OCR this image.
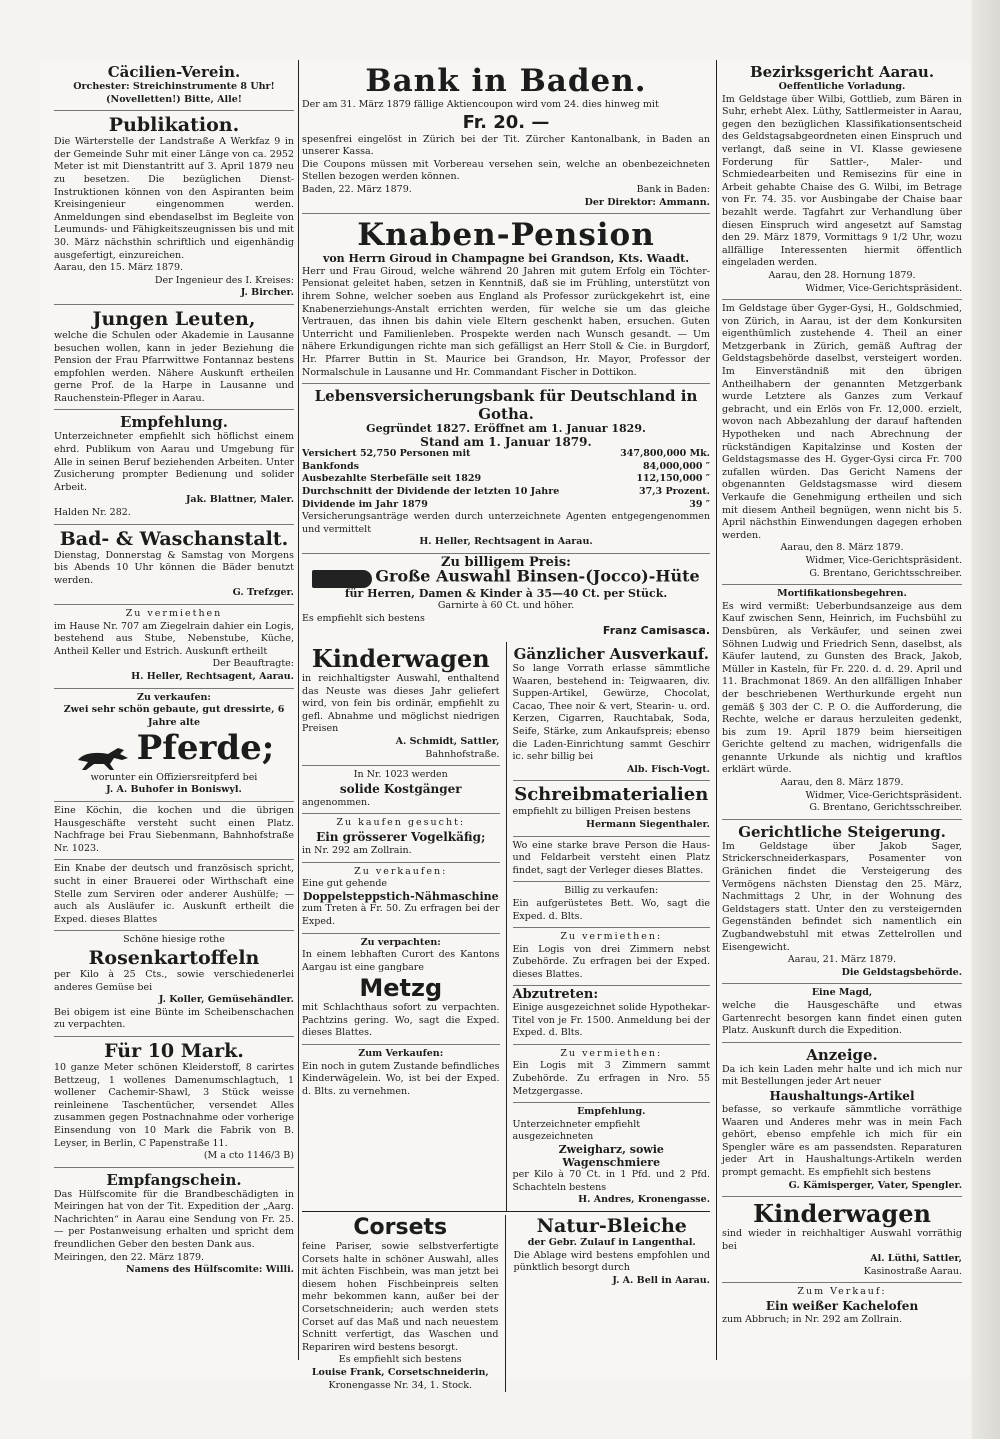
Cäcilien-Verein.
Orchester: Streichinstrumente 8 Uhr!
(Novelletten!) Bitte, Alle!
Publikation.

Die Wärterstelle der Landstraße A Werkfaz 9 in der Gemeinde Suhr mit einer Länge von ca. 2952 Meter ist mit Dienstantritt auf 3. April 1879 neu zu besetzen. Die bezüglichen Dienst-Instruktionen können von den Aspiranten beim Kreisingenieur eingenommen werden. Anmeldungen sind ebendaselbst im Begleite von Leumunds- und Fähigkeitszeugnissen bis und mit 30. März nächsthin schriftlich und eigenhändig ausgefertigt, einzureichen.

Aarau, den 15. März 1879.
Der Ingenieur des I. Kreises:
J. Bircher.
Jungen Leuten,

welche die Schulen oder Akademie in Lausanne besuchen wollen, kann in jeder Beziehung die Pension der Frau Pfarrwittwe Fontannaz bestens empfohlen werden. Nähere Auskunft ertheilen gerne Prof. de la Harpe in Lausanne und Rauchenstein-Pfleger in Aarau.

Empfehlung.

Unterzeichneter empfiehlt sich höflichst einem ehrd. Publikum von Aarau und Umgebung für Alle in seinen Beruf beziehenden Arbeiten. Unter Zusicherung prompter Bedienung und solider Arbeit.

Jak. Blattner, Maler.
Halden Nr. 282.
Bad- & Waschanstalt.

Dienstag, Donnerstag & Samstag von Morgens bis Abends 10 Uhr können die Bäder benutzt werden.

G. Trefzger.
Zu vermiethen

im Hause Nr. 707 am Ziegelrain dahier ein Logis, bestehend aus Stube, Nebenstube, Küche, Antheil Keller und Estrich. Auskunft ertheilt

Der Beauftragte:
H. Heller, Rechtsagent, Aarau.
Zu verkaufen:
Zwei sehr schön gebaute, gut dressirte, 6 Jahre alte
Pferde;
worunter ein Offiziersreitpferd bei
J. A. Buhofer in Boniswyl.

Eine Köchin, die kochen und die übrigen Hausgeschäfte versteht sucht einen Platz. Nachfrage bei Frau Siebenmann, Bahnhofstraße Nr. 1023.

Ein Knabe der deutsch und französisch spricht, sucht in einer Brauerei oder Wirthschaft eine Stelle zum Serviren oder anderer Aushülfe; — auch als Ausläufer ic. Auskunft ertheilt die Exped. dieses Blattes

Schöne hiesige rothe
Rosenkartoffeln

per Kilo à 25 Cts., sowie verschiedenerlei anderes Gemüse bei

J. Koller, Gemüsehändler.

Bei obigem ist eine Bünte im Scheibenschachen zu verpachten.

Für 10 Mark.

10 ganze Meter schönen Kleiderstoff, 8 carirtes Bettzeug, 1 wollenes Damenumschlagtuch, 1 wollener Cachemir-Shawl, 3 Stück weisse reinleinene Taschentücher, versendet Alles zusammen gegen Postnachnahme oder vorherige Einsendung von 10 Mark die Fabrik von B. Leyser, in Berlin, C Papenstraße 11.

(M a cto 1146/3 B)
Empfangschein.

Das Hülfscomite für die Brandbeschädigten in Meiringen hat von der Tit. Expedition der „Aarg. Nachrichten“ in Aarau eine Sendung von Fr. 25. — per Postanweisung erhalten und spricht dem freundlichen Geber den besten Dank aus.

Meiringen, den 22. März 1879.
Namens des Hülfscomite: Willi.
Bank in Baden.

Der am 31. März 1879 fällige Aktiencoupon wird vom 24. dies hinweg mit

Fr. 20. —

spesenfrei eingelöst in Zürich bei der Tit. Zürcher Kantonalbank, in Baden an unserer Kassa.

Die Coupons müssen mit Vorbereau versehen sein, welche an obenbezeichneten Stellen bezogen werden können.

Baden, 22. März 1879.	Bank in Baden:
Der Direktor: Ammann.
Knaben-Pension
von Herrn Giroud in Champagne bei Grandson, Kts. Waadt.

Herr und Frau Giroud, welche während 20 Jahren mit gutem Erfolg ein Töchter-Pensionat geleitet haben, setzen in Kenntniß, daß sie im Frühling, unterstützt von ihrem Sohne, welcher soeben aus England als Professor zurückgekehrt ist, eine Knabenerziehungs-Anstalt errichten werden, für welche sie um das gleiche Vertrauen, das ihnen bis dahin viele Eltern geschenkt haben, ersuchen. Guten Unterricht und Familienleben. Prospekte werden nach Wunsch gesandt. — Um nähere Erkundigungen richte man sich gefälligst an Herr Stoll & Cie. in Burgdorf, Hr. Pfarrer Buttin in St. Maurice bei Grandson, Hr. Mayor, Professor der Normalschule in Lausanne und Hr. Commandant Fischer in Dottikon.

Lebensversicherungsbank für Deutschland in Gotha.
Gegründet 1827. Eröffnet am 1. Januar 1829.
Stand am 1. Januar 1879.
Versichert 52,750 Personen mit	347,800,000 Mk.
Bankfonds	84,000,000 ″
Ausbezahlte Sterbefälle seit 1829	112,150,000 ″
Durchschnitt der Dividende der letzten 10 Jahre	37,3 Prozent.
Dividende im Jahr 1879	39 ″

Versicherungsanträge werden durch unterzeichnete Agenten entgegengenommen und vermittelt

H. Heller, Rechtsagent in Aarau.
Zu billigem Preis:
Große Auswahl Binsen-(Jocco)-Hüte
für Herren, Damen & Kinder à 35—40 Ct. per Stück.
Garnirte à 60 Ct. und höher.
Es empfiehlt sich bestens
Franz Camisasca.
Kinderwagen

in reichhaltigster Auswahl, enthaltend das Neuste was dieses Jahr geliefert wird, von fein bis ordinär, empfiehlt zu gefl. Abnahme und möglichst niedrigen Preisen

A. Schmidt, Sattler,
Bahnhofstraße.
In Nr. 1023 werden
solide Kostgänger
angenommen.
Zu kaufen gesucht:
Ein grösserer Vogelkäfig;
in Nr. 292 am Zollrain.
Zu verkaufen:
Eine gut gehende
Doppelsteppstich-Nähmaschine

zum Treten à Fr. 50. Zu erfragen bei der Exped.

Zu verpachten:

In einem lebhaften Curort des Kantons Aargau ist eine gangbare

Metzg

mit Schlachthaus sofort zu verpachten. Pachtzins gering. Wo, sagt die Exped. dieses Blattes.

Zum Verkaufen:

Ein noch in gutem Zustande befindliches Kinderwägelein. Wo, ist bei der Exped. d. Blts. zu vernehmen.

Gänzlicher Ausverkauf.

So lange Vorrath erlasse sämmtliche Waaren, bestehend in: Teigwaaren, div. Suppen-Artikel, Gewürze, Chocolat, Cacao, Thee noir & vert, Stearin- u. ord. Kerzen, Cigarren, Rauchtabak, Soda, Seife, Stärke, zum Ankaufspreis; ebenso die Laden-Einrichtung sammt Geschirr ic. sehr billig bei

Alb. Fisch-Vogt.
Schreibmaterialien
empfiehlt zu billigen Preisen bestens
Hermann Siegenthaler.

Wo eine starke brave Person die Haus- und Feldarbeit versteht einen Platz findet, sagt der Verleger dieses Blattes.

Billig zu verkaufen:

Ein aufgerüstetes Bett. Wo, sagt die Exped. d. Blts.

Zu vermiethen:

Ein Logis von drei Zimmern nebst Zubehörde. Zu erfragen bei der Exped. dieses Blattes.

Abzutreten:

Einige ausgezeichnet solide Hypothekar-Titel von je Fr. 1500. Anmeldung bei der Exped. d. Blts.

Zu vermiethen:

Ein Logis mit 3 Zimmern sammt Zubehörde. Zu erfragen in Nro. 55 Metzgergasse.

Empfehlung.
Unterzeichneter empfiehlt ausgezeichneten
Zweigharz, sowie Wagenschmiere

per Kilo à 70 Ct. in 1 Pfd. und 2 Pfd. Schachteln bestens

H. Andres, Kronengasse.
Corsets

feine Pariser, sowie selbstverfertigte Corsets halte in schöner Auswahl, alles mit ächten Fischbein, was man jetzt bei diesem hohen Fischbeinpreis selten mehr bekommen kann, außer bei der Corsetschneiderin; auch werden stets Corset auf das Maß und nach neuestem Schnitt verfertigt, das Waschen und Repariren wird bestens besorgt.

Es empfiehlt sich bestens
Louise Frank, Corsetschneiderin,
Kronengasse Nr. 34, 1. Stock.
Natur-Bleiche
der Gebr. Zulauf in Langenthal.

Die Ablage wird bestens empfohlen und pünktlich besorgt durch

J. A. Bell in Aarau.
Bezirksgericht Aarau.
Oeffentliche Vorladung.

Im Geldstage über Wilbi, Gottlieb, zum Bären in Suhr, erhebt Alex. Lüthy, Sattlermeister in Aarau, gegen den bezüglichen Klassifikationsentscheid des Geldstagsabgeordneten einen Einspruch und verlangt, daß seine in VI. Klasse gewiesene Forderung für Sattler-, Maler- und Schmiedearbeiten und Remisezins für eine in Arbeit gehabte Chaise des G. Wilbi, im Betrage von Fr. 74. 35. vor Ausbingabe der Chaise baar bezahlt werde. Tagfahrt zur Verhandlung über diesen Einspruch wird angesetzt auf Samstag den 29. März 1879, Vormittags 9 1/2 Uhr, wozu allfällige Interessenten hiermit öffentlich eingeladen werden.

Aarau, den 28. Hornung 1879.
Widmer, Vice-Gerichtspräsident.

Im Geldstage über Gyger-Gysi, H., Goldschmied, von Zürich, in Aarau, ist der dem Konkursiten eigenthümlich zustehende 4. Theil an einer Metzgerbank in Zürich, gemäß Auftrag der Geldstagsbehörde daselbst, versteigert worden. Im Einverständniß mit den übrigen Antheilhabern der genannten Metzgerbank wurde Letztere als Ganzes zum Verkauf gebracht, und ein Erlös von Fr. 12,000. erzielt, wovon nach Abbezahlung der darauf haftenden Hypotheken und nach Abrechnung der rückständigen Kapitalzinse und Kosten der Geldstagsmasse des H. Gyger-Gysi circa Fr. 700 zufallen würden. Das Gericht Namens der obgenannten Geldstagsmasse wird diesem Verkaufe die Genehmigung ertheilen und sich mit diesem Antheil begnügen, wenn nicht bis 5. April nächsthin Einwendungen dagegen erhoben werden.

Aarau, den 8. März 1879.
Widmer, Vice-Gerichtspräsident.
G. Brentano, Gerichtsschreiber.
Mortifikationsbegehren.

Es wird vermißt: Ueberbundsanzeige aus dem Kauf zwischen Senn, Heinrich, im Fuchsbühl zu Densbüren, als Verkäufer, und seinen zwei Söhnen Ludwig und Friedrich Senn, daselbst, als Käufer lautend, zu Gunsten des Brack, Jakob, Müller in Kasteln, für Fr. 220. d. d. 29. April und 11. Brachmonat 1869. An den allfälligen Inhaber der beschriebenen Werthurkunde ergeht nun gemäß § 303 der C. P. O. die Aufforderung, die Rechte, welche er daraus herzuleiten gedenkt, bis zum 19. April 1879 beim hierseitigen Gerichte geltend zu machen, widrigenfalls die genannte Urkunde als nichtig und kraftlos erklärt würde.

Aarau, den 8. März 1879.
Widmer, Vice-Gerichtspräsident.
G. Brentano, Gerichtsschreiber.
Gerichtliche Steigerung.

Im Geldstage über Jakob Sager, Strickerschneiderkaspars, Posamenter von Gränichen findet die Versteigerung des Vermögens nächsten Dienstag den 25. März, Nachmittags 2 Uhr, in der Wohnung des Geldstagers statt. Unter den zu versteigernden Gegenständen befindet sich namentlich ein Zugbandwebstuhl mit etwas Zettelrollen und Eisengewicht.

Aarau, 21. März 1879.
Die Geldstagsbehörde.
Eine Magd,

welche die Hausgeschäfte und etwas Gartenrecht besorgen kann findet einen guten Platz. Auskunft durch die Expedition.

Anzeige.

Da ich kein Laden mehr halte und ich mich nur mit Bestellungen jeder Art neuer

Haushaltungs-Artikel

befasse, so verkaufe sämmtliche vorräthige Waaren und Anderes mehr was in mein Fach gehört, ebenso empfehle ich mich für ein Spengler wäre es am passendsten. Reparaturen jeder Art in Haushaltungs-Artikeln werden prompt gemacht. Es empfiehlt sich bestens

G. Kämisperger, Vater, Spengler.
Kinderwagen

sind wieder in reichhaltiger Auswahl vorräthig bei

Al. Lüthi, Sattler,
Kasinostraße Aarau.
Zum Verkauf:
Ein weißer Kachelofen
zum Abbruch; in Nr. 292 am Zollrain.
